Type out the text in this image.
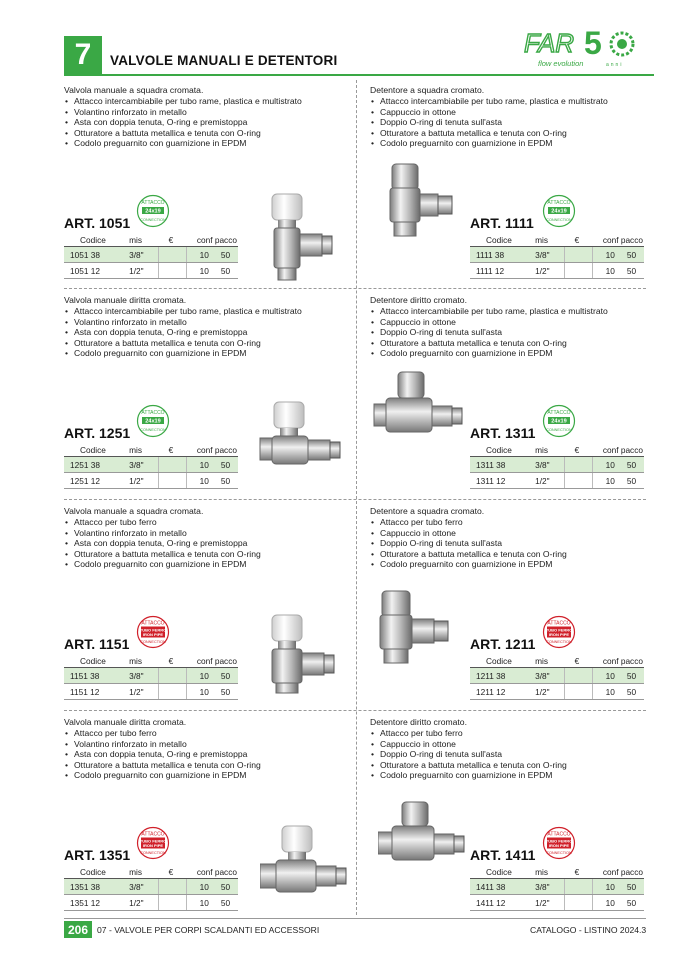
7	VALVOLE MANUALI E DETENTORI
FAR 5
flow evolution	anni
Valvola manuale a squadra cromata.
• Attacco intercambiabile per tubo rame, plastica e multistrato
• Volantino rinforzato in metallo
• Asta con doppia tenuta, O-ring e premistoppa
• Otturatore a battuta metallica e tenuta con O-ring
• Codolo preguarnito con guarnizione in EPDM
ART. 1051
ATTACCO
24x19
CONNECTION
Codice	mis	€	conf	pacco
1051 38	3/8"		10	50
1051 12	1/2"		10	50
Detentore a squadra cromato.
• Attacco intercambiabile per tubo rame, plastica e multistrato
• Cappuccio in ottone
• Doppio O-ring di tenuta sull'asta
• Otturatore a battuta metallica e tenuta con O-ring
• Codolo preguarnito con guarnizione in EPDM
ART. 1111
ATTACCO
24x19
CONNECTION
Codice	mis	€	conf	pacco
1111 38	3/8"		10	50
1111 12	1/2"		10	50
Valvola manuale diritta cromata.
• Attacco intercambiabile per tubo rame, plastica e multistrato
• Volantino rinforzato in metallo
• Asta con doppia tenuta, O-ring e premistoppa
• Otturatore a battuta metallica e tenuta con O-ring
• Codolo preguarnito con guarnizione in EPDM
ART. 1251
ATTACCO
24x19
CONNECTION
Codice	mis	€	conf	pacco
1251 38	3/8"		10	50
1251 12	1/2"		10	50
Detentore diritto cromato.
• Attacco intercambiabile per tubo rame, plastica e multistrato
• Cappuccio in ottone
• Doppio O-ring di tenuta sull'asta
• Otturatore a battuta metallica e tenuta con O-ring
• Codolo preguarnito con guarnizione in EPDM
ART. 1311
ATTACCO
24x19
CONNECTION
Codice	mis	€	conf	pacco
1311 38	3/8"		10	50
1311 12	1/2"		10	50
Valvola manuale a squadra cromata.
• Attacco per tubo ferro
• Volantino rinforzato in metallo
• Asta con doppia tenuta, O-ring e premistoppa
• Otturatore a battuta metallica e tenuta con O-ring
• Codolo preguarnito con guarnizione in EPDM
ART. 1151
ATTACCO
TUBO FERRO
IRON PIPE
CONNECTION
Codice	mis	€	conf	pacco
1151 38	3/8"		10	50
1151 12	1/2"		10	50
Detentore a squadra cromato.
• Attacco per tubo ferro
• Cappuccio in ottone
• Doppio O-ring di tenuta sull'asta
• Otturatore a battuta metallica e tenuta con O-ring
• Codolo preguarnito con guarnizione in EPDM
ART. 1211
ATTACCO
TUBO FERRO
IRON PIPE
CONNECTION
Codice	mis	€	conf	pacco
1211 38	3/8"		10	50
1211 12	1/2"		10	50
Valvola manuale diritta cromata.
• Attacco per tubo ferro
• Volantino rinforzato in metallo
• Asta con doppia tenuta, O-ring e premistoppa
• Otturatore a battuta metallica e tenuta con O-ring
• Codolo preguarnito con guarnizione in EPDM
ART. 1351
ATTACCO
TUBO FERRO
IRON PIPE
CONNECTION
Codice	mis	€	conf	pacco
1351 38	3/8"		10	50
1351 12	1/2"		10	50
Detentore diritto cromato.
• Attacco per tubo ferro
• Cappuccio in ottone
• Doppio O-ring di tenuta sull'asta
• Otturatore a battuta metallica e tenuta con O-ring
• Codolo preguarnito con guarnizione in EPDM
ART. 1411
ATTACCO
TUBO FERRO
IRON PIPE
CONNECTION
Codice	mis	€	conf	pacco
1411 38	3/8"		10	50
1411 12	1/2"		10	50
206	07 - VALVOLE PER CORPI SCALDANTI ED ACCESSORI	CATALOGO - LISTINO 2024.3
